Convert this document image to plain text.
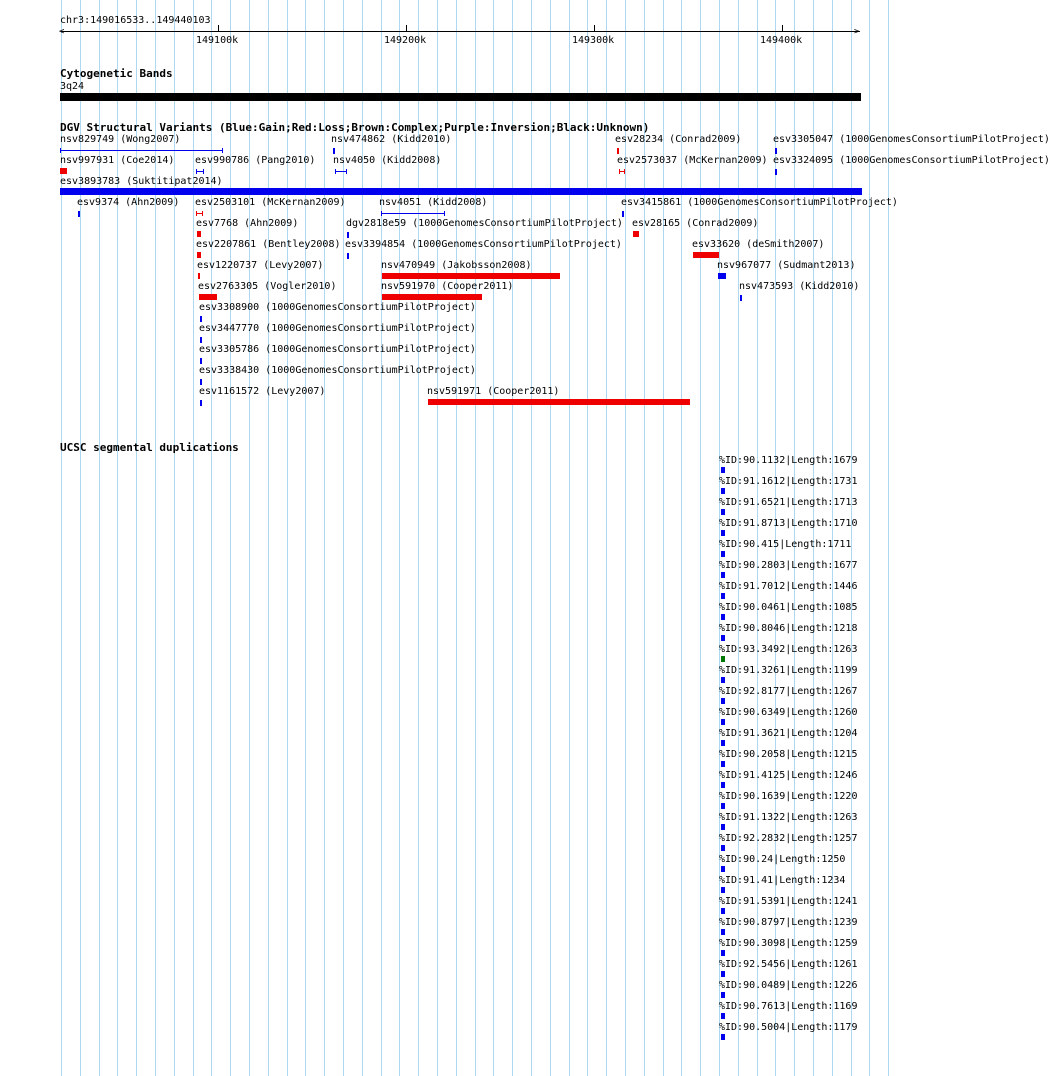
chr3:149016533..149440103
<	>
149100k	149200k	149300k	149400k
Cytogenetic Bands
3q24
DGV Structural Variants (Blue:Gain;Red:Loss;Brown:Complex;Purple:Inversion;Black:Unknown)
nsv829749 (Wong2007)	nsv474862 (Kidd2010)	esv28234 (Conrad2009)	esv3305047 (1000GenomesConsortiumPilotProject)
nsv997931 (Coe2014) esv990786 (Pang2010) nsv4050 (Kidd2008)	esv2573037 (McKernan2009) esv3324095 (1000GenomesConsortiumPilotProject)
esv3893783 (Suktitipat2014)
esv9374 (Ahn2009) esv2503101 (McKernan2009)	nsv4051 (Kidd2008)	esv3415861 (1000GenomesConsortiumPilotProject)
esv7768 (Ahn2009)	dgv2818e59 (1000GenomesConsortiumPilotProject) esv28165 (Conrad2009)
esv2207861 (Bentley2008) esv3394854 (1000GenomesConsortiumPilotProject)	esv33620 (deSmith2007)
esv1220737 (Levy2007)	nsv470949 (Jakobsson2008)	nsv967077 (Sudmant2013)
esv2763305 (Vogler2010)	nsv591970 (Cooper2011)	nsv473593 (Kidd2010)
esv3308900 (1000GenomesConsortiumPilotProject)
esv3447770 (1000GenomesConsortiumPilotProject)
esv3305786 (1000GenomesConsortiumPilotProject)
esv3338430 (1000GenomesConsortiumPilotProject)
esv1161572 (Levy2007)	nsv591971 (Cooper2011)
UCSC segmental duplications
%ID:90.1132|Length:1679
%ID:91.1612|Length:1731
%ID:91.6521|Length:1713
%ID:91.8713|Length:1710
%ID:90.415|Length:1711
%ID:90.2803|Length:1677
%ID:91.7012|Length:1446
%ID:90.0461|Length:1085
%ID:90.8046|Length:1218
%ID:93.3492|Length:1263
%ID:91.3261|Length:1199
%ID:92.8177|Length:1267
%ID:90.6349|Length:1260
%ID:91.3621|Length:1204
%ID:90.2058|Length:1215
%ID:91.4125|Length:1246
%ID:90.1639|Length:1220
%ID:91.1322|Length:1263
%ID:92.2832|Length:1257
%ID:90.24|Length:1250
%ID:91.41|Length:1234
%ID:91.5391|Length:1241
%ID:90.8797|Length:1239
%ID:90.3098|Length:1259
%ID:92.5456|Length:1261
%ID:90.0489|Length:1226
%ID:90.7613|Length:1169
%ID:90.5004|Length:1179
